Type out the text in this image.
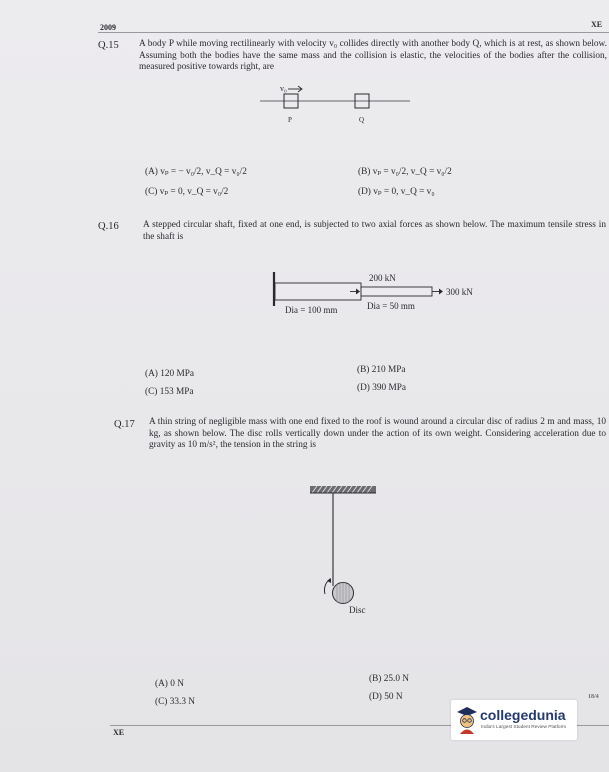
2009	XE
Q.15 A body P while moving rectilinearly with velocity v₀ collides directly with another body Q, which is at rest, as shown below. Assuming both the bodies have the same mass and the collision is elastic, the velocities of the bodies after the collision, measured positive towards right, are
v₀
P	Q
(A) vₚ = − v₀/2, v_Q = v₀/2	(B) vₚ = v₀/2, v_Q = v₀/2
(C) vₚ = 0, v_Q = v₀/2	(D) vₚ = 0, v_Q = v₀
Q.16	A stepped circular shaft, fixed at one end, is subjected to two axial forces as shown below. The maximum tensile stress in the shaft is
200 kN
300 kN
Dia = 100 mm	Dia = 50 mm
(A) 120 MPa	(B) 210 MPa
(C) 153 MPa	(D) 390 MPa
Q.17 A thin string of negligible mass with one end fixed to the roof is wound around a circular disc of radius 2 m and mass, 10 kg, as shown below. The disc rolls vertically down under the action of its own weight. Considering acceleration due to gravity as 10 m/s², the tension in the string is
Disc
(A) 0 N	(B) 25.0 N
(C) 33.3 N	(D) 50 N
XE
18/4
collegedunia
India's Largest Student Review Platform
